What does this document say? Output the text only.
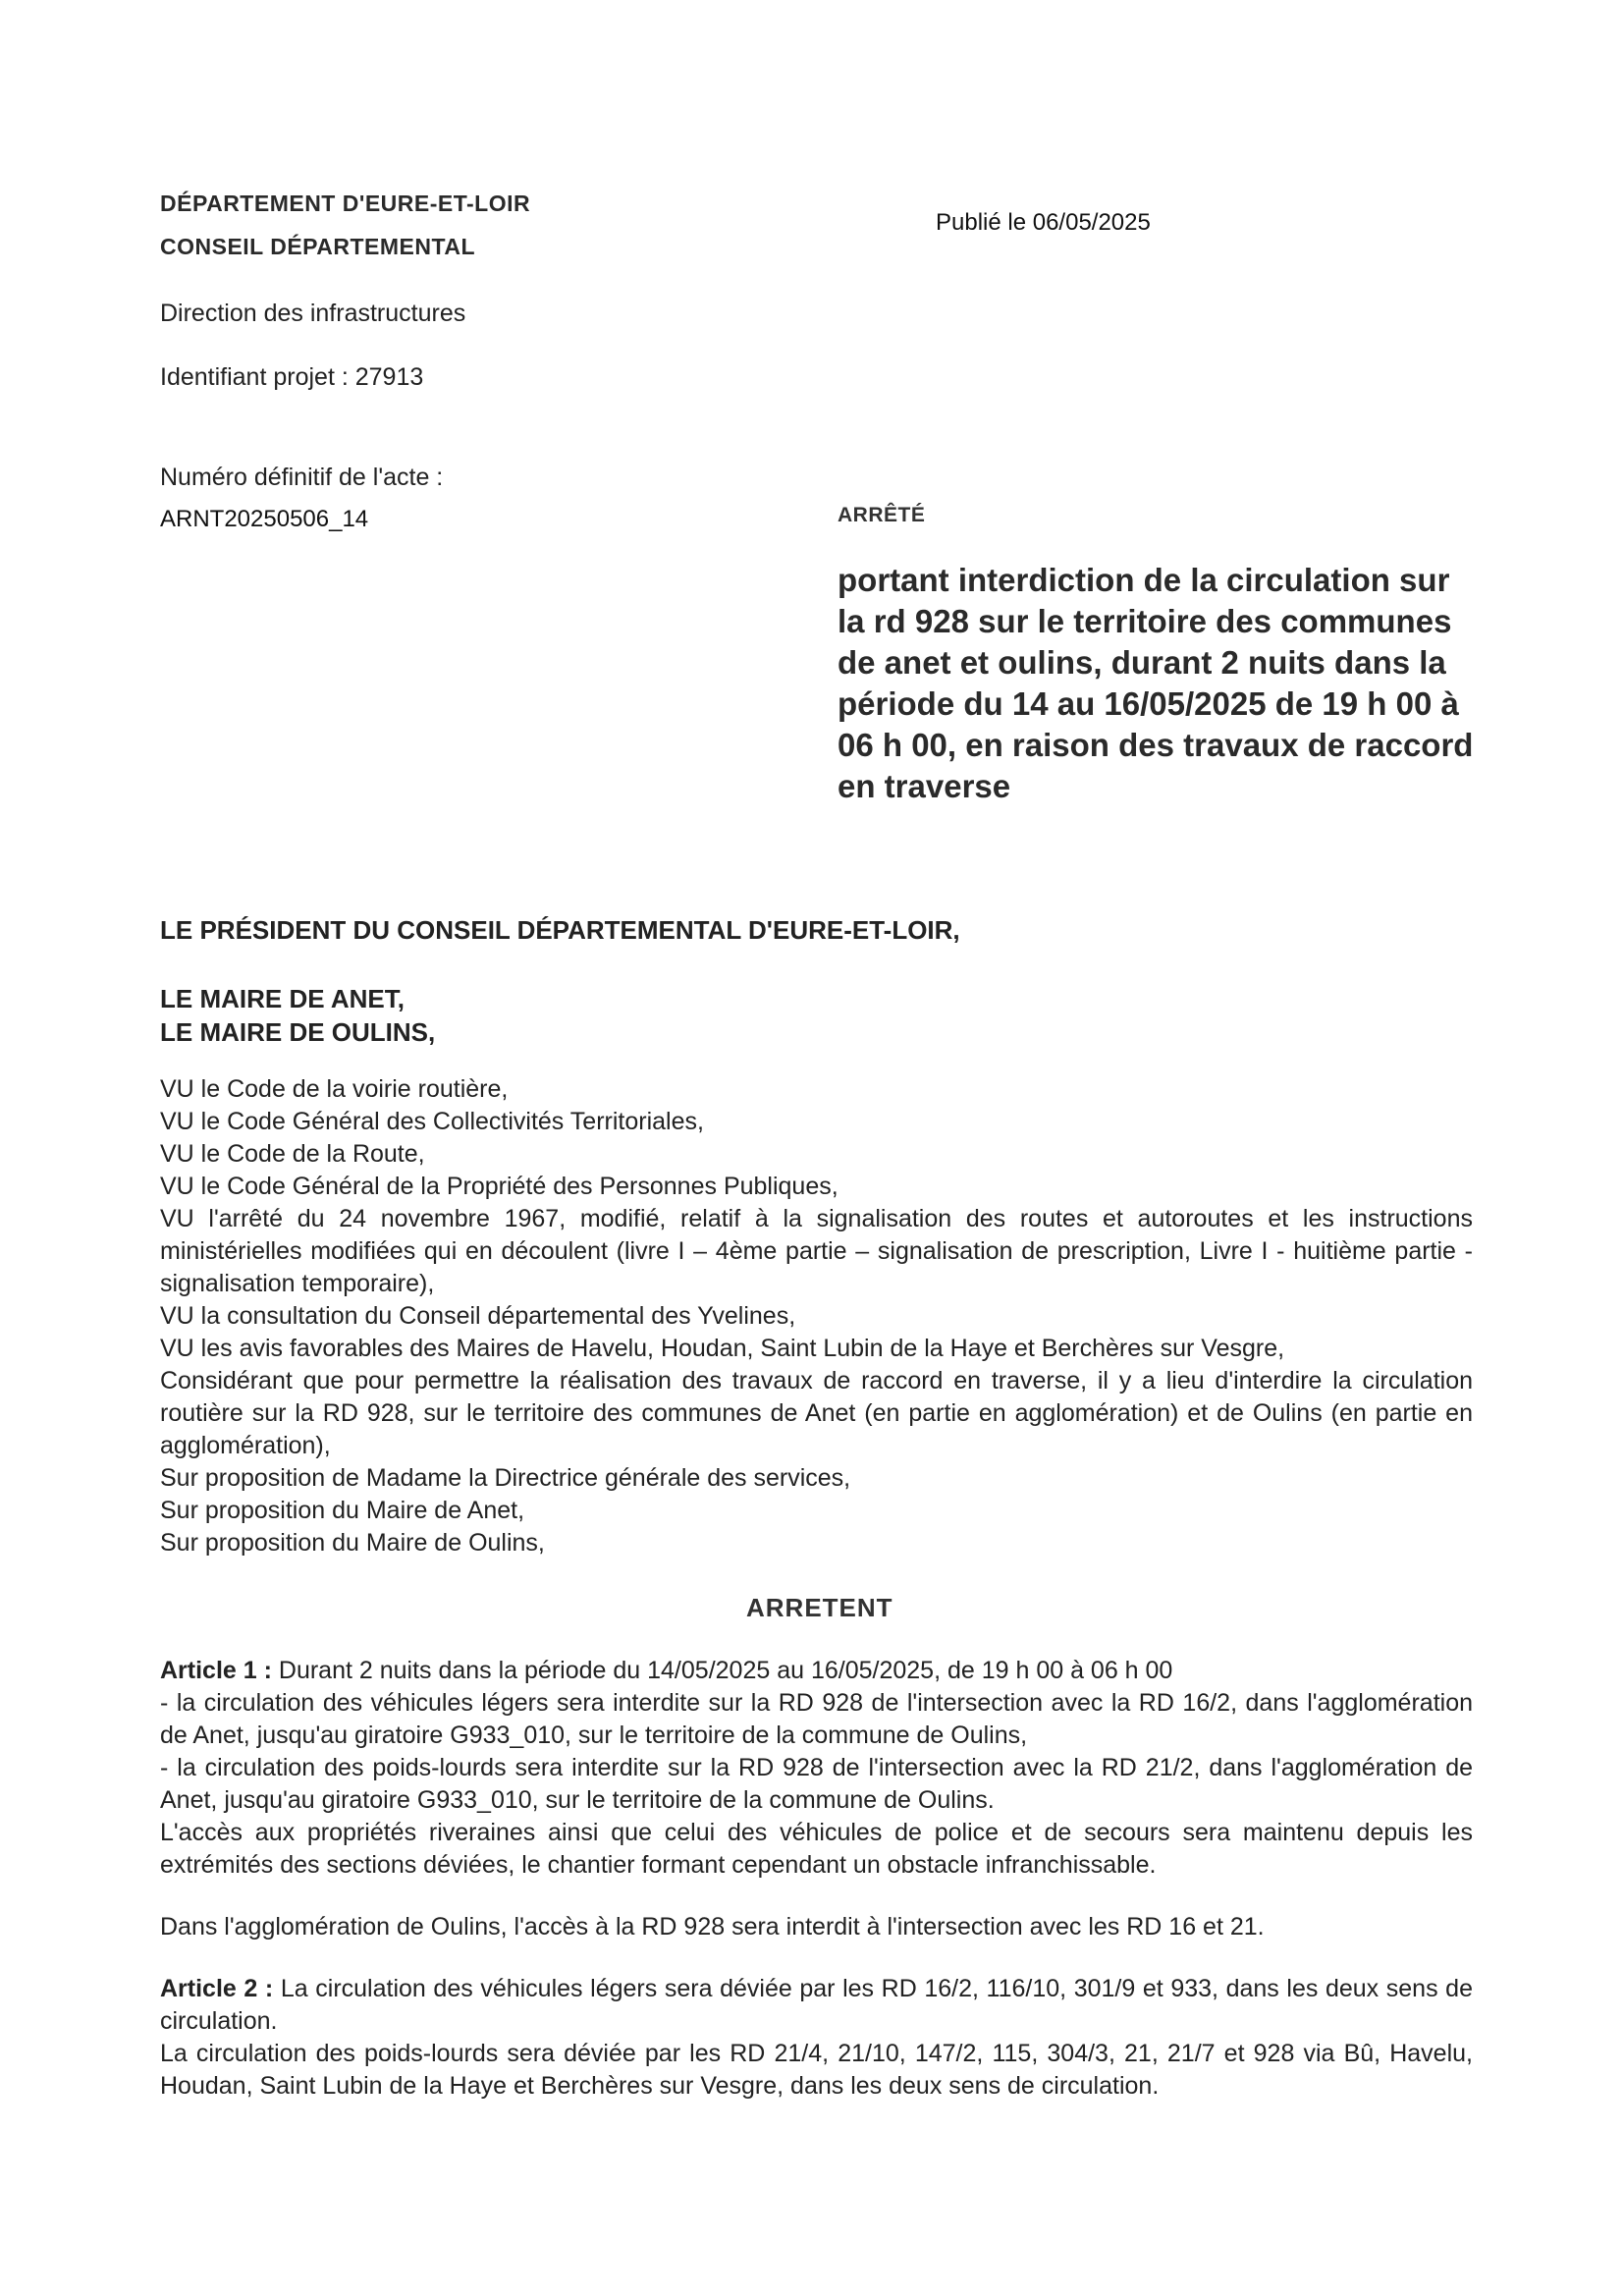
DÉPARTEMENT D'EURE-ET-LOIR
CONSEIL DÉPARTEMENTAL
Direction des infrastructures
Identifiant projet : 27913
Numéro définitif de l'acte :
ARNT20250506_14
Publié le 06/05/2025
ARRÊTÉ
portant interdiction de la circulation sur la rd 928 sur le territoire des communes de anet et oulins, durant 2 nuits dans la période du 14 au 16/05/2025 de 19 h 00 à 06 h 00, en raison des travaux de raccord en traverse
LE PRÉSIDENT DU CONSEIL DÉPARTEMENTAL D'EURE-ET-LOIR,
LE MAIRE DE ANET,
LE MAIRE DE OULINS,

VU le Code de la voirie routière,

VU le Code Général des Collectivités Territoriales,

VU le Code de la Route,

VU le Code Général de la Propriété des Personnes Publiques,

VU l'arrêté du 24 novembre 1967, modifié, relatif à la signalisation des routes et autoroutes et les instructions ministérielles modifiées qui en découlent (livre I – 4ème partie – signalisation de prescription, Livre I - huitième partie - signalisation temporaire),

VU la consultation du Conseil départemental des Yvelines,

VU les avis favorables des Maires de Havelu, Houdan, Saint Lubin de la Haye et Berchères sur Vesgre,

Considérant que pour permettre la réalisation des travaux de raccord en traverse, il y a lieu d'interdire la circulation routière sur la RD 928, sur le territoire des communes de Anet (en partie en agglomération) et de Oulins (en partie en agglomération),

Sur proposition de Madame la Directrice générale des services,

Sur proposition du Maire de Anet,

Sur proposition du Maire de Oulins,

ARRETENT

Article 1 : Durant 2 nuits dans la période du 14/05/2025 au 16/05/2025, de 19 h 00 à 06 h 00

- la circulation des véhicules légers sera interdite sur la RD 928 de l'intersection avec la RD 16/2, dans l'agglomération de Anet, jusqu'au giratoire G933_010, sur le territoire de la commune de Oulins,

- la circulation des poids-lourds sera interdite sur la RD 928 de l'intersection avec la RD 21/2, dans l'agglomération de Anet, jusqu'au giratoire G933_010, sur le territoire de la commune de Oulins.

L'accès aux propriétés riveraines ainsi que celui des véhicules de police et de secours sera maintenu depuis les extrémités des sections déviées, le chantier formant cependant un obstacle infranchissable.

Dans l'agglomération de Oulins, l'accès à la RD 928 sera interdit à l'intersection avec les RD 16 et 21.

Article 2 : La circulation des véhicules légers sera déviée par les RD 16/2, 116/10, 301/9 et 933, dans les deux sens de circulation.

La circulation des poids-lourds sera déviée par les RD 21/4, 21/10, 147/2, 115, 304/3, 21, 21/7 et 928 via Bû, Havelu, Houdan, Saint Lubin de la Haye et Berchères sur Vesgre, dans les deux sens de circulation.
